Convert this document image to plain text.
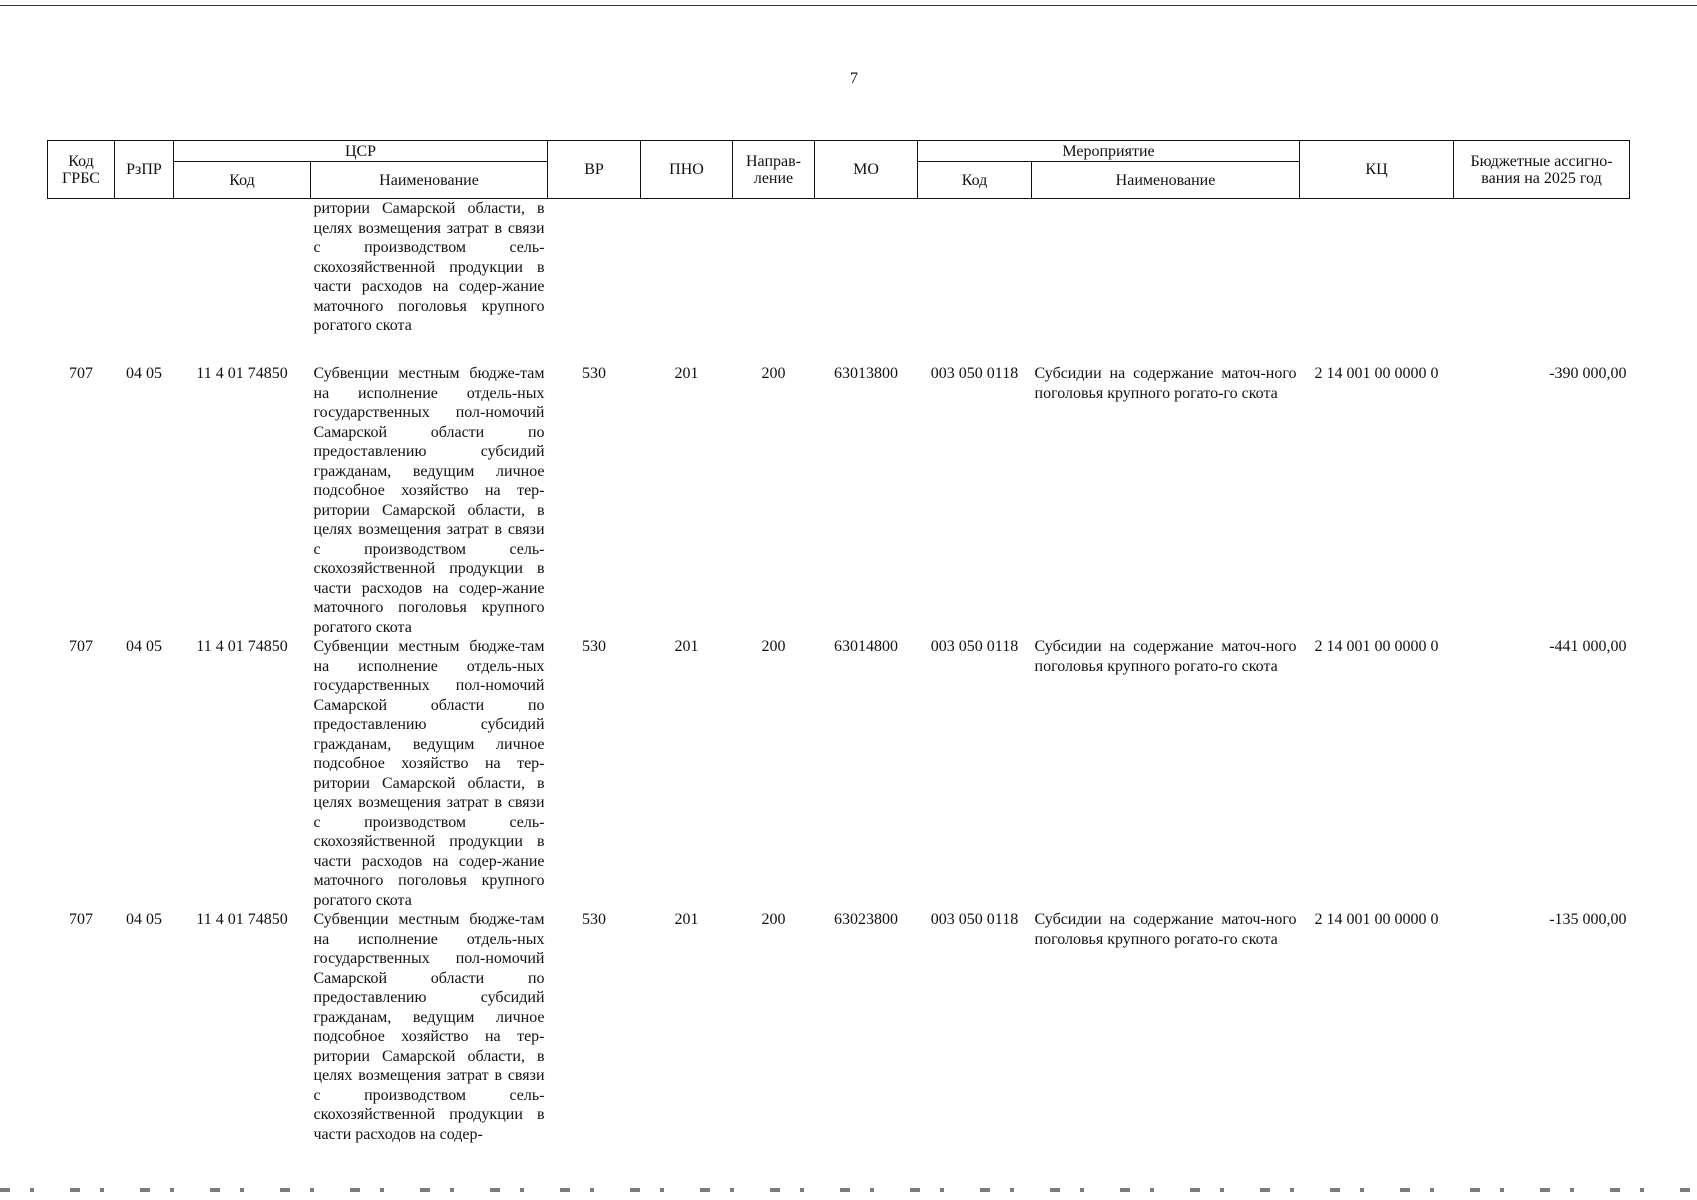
7
Код ГРБС	РзПР	ЦСР		ВР	ПНО	Направ-ление	МО	Мероприятие		КЦ	Бюджетные ассигно-вания на 2025 год
		Код	Наименование					Код	Наименование		
			ритории Самарской области, в целях возмещения затрат в связи с производством сель-скохозяйственной продукции в части расходов на содер-жание маточного поголовья крупного рогатого скота								
707	04 05	11 4 01 74850	Субвенции местным бюдже-там на исполнение отдель-ных государственных пол-номочий Самарской области по предоставлению субсидий гражданам, ведущим личное подсобное хозяйство на тер-ритории Самарской области, в целях возмещения затрат в связи с производством сель-скохозяйственной продукции в части расходов на содер-жание маточного поголовья крупного рогатого скота	530	201	200	63013800	003 050 0118	Субсидии на содержание маточ-ного поголовья крупного рогато-го скота	2 14 001 00 0000 0	-390 000,00
707	04 05	11 4 01 74850	Субвенции местным бюдже-там на исполнение отдель-ных государственных пол-номочий Самарской области по предоставлению субсидий гражданам, ведущим личное подсобное хозяйство на тер-ритории Самарской области, в целях возмещения затрат в связи с производством сель-скохозяйственной продукции в части расходов на содер-жание маточного поголовья крупного рогатого скота	530	201	200	63014800	003 050 0118	Субсидии на содержание маточ-ного поголовья крупного рогато-го скота	2 14 001 00 0000 0	-441 000,00
707	04 05	11 4 01 74850	Субвенции местным бюдже-там на исполнение отдель-ных государственных пол-номочий Самарской области по предоставлению субсидий гражданам, ведущим личное подсобное хозяйство на тер-ритории Самарской области, в целях возмещения затрат в связи с производством сель-скохозяйственной продукции в части расходов на содер-	530	201	200	63023800	003 050 0118	Субсидии на содержание маточ-ного поголовья крупного рогато-го скота	2 14 001 00 0000 0	-135 000,00
